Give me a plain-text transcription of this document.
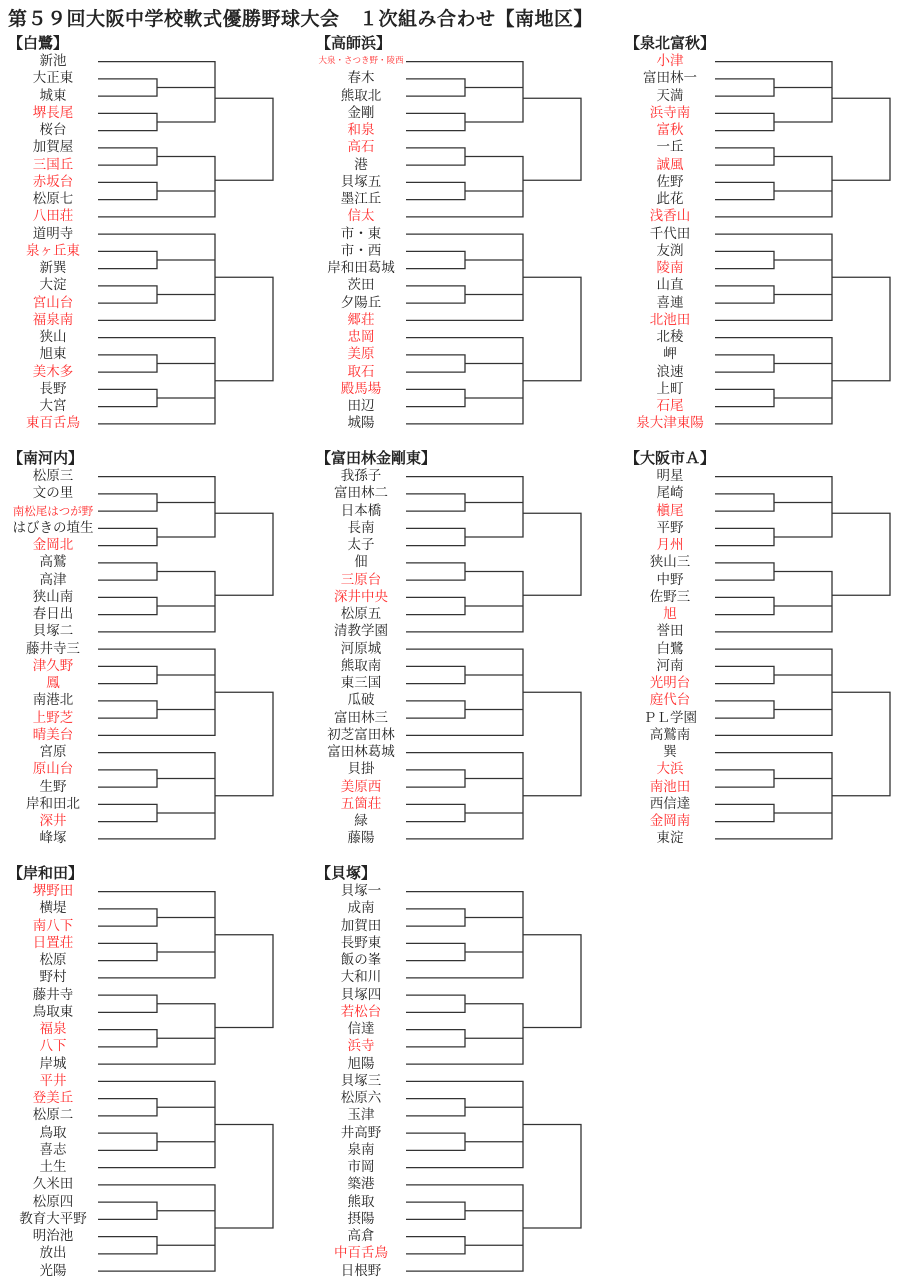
第５９回大阪中学校軟式優勝野球大会　１次組み合わせ【南地区】
【白鷺】
新池
大正東
城東
堺長尾
桜台
加賀屋
三国丘
赤坂台
松原七
八田荘
道明寺
泉ヶ丘東
新巽
大淀
宮山台
福泉南
狭山
旭東
美木多
長野
大宮
東百舌鳥
【高師浜】
大泉・さつき野・陵西
春木
熊取北
金剛
和泉
高石
港
貝塚五
墨江丘
信太
市・東
市・西
岸和田葛城
茨田
夕陽丘
郷荘
忠岡
美原
取石
殿馬場
田辺
城陽
【泉北富秋】
小津
富田林一
天満
浜寺南
富秋
一丘
誠風
佐野
此花
浅香山
千代田
友渕
陵南
山直
喜連
北池田
北稜
岬
浪速
上町
石尾
泉大津東陽
【南河内】
松原三
文の里
南松尾はつが野
はびきの埴生
金岡北
高鷲
高津
狭山南
春日出
貝塚二
藤井寺三
津久野
鳳
南港北
上野芝
晴美台
宮原
原山台
生野
岸和田北
深井
峰塚
【富田林金剛東】
我孫子
富田林二
日本橋
長南
太子
佃
三原台
深井中央
松原五
清教学園
河原城
熊取南
東三国
瓜破
富田林三
初芝富田林
富田林葛城
貝掛
美原西
五箇荘
緑
藤陽
【大阪市Ａ】
明星
尾崎
槇尾
平野
月州
狭山三
中野
佐野三
旭
誉田
白鷺
河南
光明台
庭代台
ＰＬ学園
高鷲南
巽
大浜
南池田
西信達
金岡南
東淀
【岸和田】
堺野田
横堤
南八下
日置荘
松原
野村
藤井寺
鳥取東
福泉
八下
岸城
平井
登美丘
松原二
鳥取
喜志
土生
久米田
松原四
教育大平野
明治池
放出
光陽
【貝塚】
貝塚一
成南
加賀田
長野東
飯の峯
大和川
貝塚四
若松台
信達
浜寺
旭陽
貝塚三
松原六
玉津
井高野
泉南
市岡
築港
熊取
摂陽
高倉
中百舌鳥
日根野
